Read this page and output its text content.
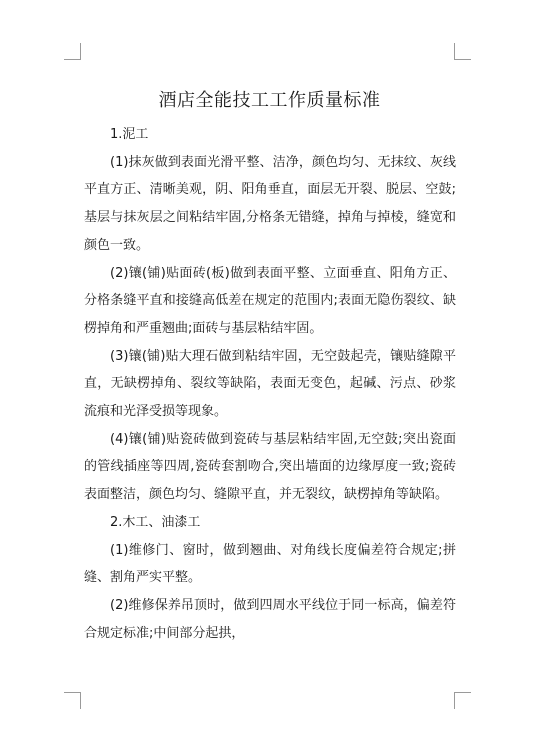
酒店全能技工工作质量标准

1.泥工

(1)抹灰做到表面光滑平整、洁净，颜色均匀、无抹纹、灰线平直方正、清晰美观，阴、阳角垂直，面层无开裂、脱层、空鼓;基层与抹灰层之间粘结牢固,分格条无错缝，掉角与掉棱，缝宽和颜色一致。

(2)镶(铺)贴面砖(板)做到表面平整、立面垂直、阳角方正、分格条缝平直和接缝高低差在规定的范围内;表面无隐伤裂纹、缺楞掉角和严重翘曲;面砖与基层粘结牢固。

(3)镶(铺)贴大理石做到粘结牢固，无空鼓起壳，镶贴缝隙平直，无缺楞掉角、裂纹等缺陷，表面无变色，起碱、污点、砂浆流痕和光泽受损等现象。

(4)镶(铺)贴瓷砖做到瓷砖与基层粘结牢固,无空鼓;突出瓷面的管线插座等四周,瓷砖套割吻合,突出墙面的边缘厚度一致;瓷砖表面整洁，颜色均匀、缝隙平直，并无裂纹，缺楞掉角等缺陷。

2.木工、油漆工

(1)维修门、窗时，做到翘曲、对角线长度偏差符合规定;拼缝、割角严实平整。

(2)维修保养吊顶时，做到四周水平线位于同一标高，偏差符合规定标准;中间部分起拱，
